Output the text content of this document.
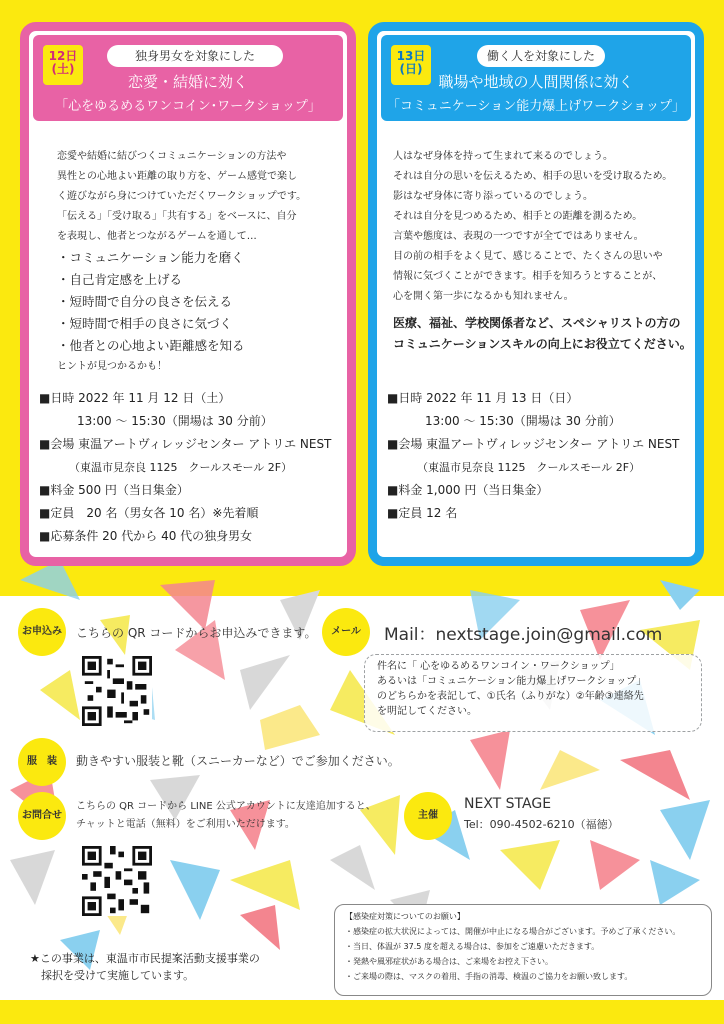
12日
(土)
独身男女を対象にした
恋愛・結婚に効く
「心をゆるめるワンコイン･ワークショップ」
恋愛や結婚に結びつくコミュニケーションの方法や
異性との心地よい距離の取り方を、ゲーム感覚で楽し
く遊びながら身につけていただくワークショップです。
「伝える」「受け取る」「共有する」をベースに、自分
を表現し、他者とつながるゲームを通して…
・コミュニケーション能力を磨く
・自己肯定感を上げる
・短時間で自分の良さを伝える
・短時間で相手の良さに気づく
・他者との心地よい距離感を知る
ヒントが見つかるかも！
■日時 2022 年 11 月 12 日（土）
13:00 〜 15:30（開場は 30 分前）
■会場 東温アートヴィレッジセンター アトリエ NEST
（東温市見奈良 1125　クールスモール 2F）
■料金 500 円（当日集金）
■定員　 20 名（男女各 10 名）※先着順
■応募条件 20 代から 40 代の独身男女
13日
(日)
働く人を対象にした
職場や地域の人間関係に効く
「コミュニケーション能力爆上げワークショップ」
人はなぜ身体を持って生まれて来るのでしょう。
それは自分の思いを伝えるため、相手の思いを受け取るため。
影はなぜ身体に寄り添っているのでしょう。
それは自分を見つめるため、相手との距離を測るため。
言葉や態度は、表現の一つですが全てではありません。
目の前の相手をよく見て、感じることで、たくさんの思いや
情報に気づくことができます。相手を知ろうとすることが、
心を開く第一歩になるかも知れません。
医療、福祉、学校関係者など、スペシャリストの方の
コミュニケーションスキルの向上にお役立てください。
■日時 2022 年 11 月 13 日（日）
13:00 〜 15:30（開場は 30 分前）
■会場 東温アートヴィレッジセンター アトリエ NEST
（東温市見奈良 1125　クールスモール 2F）
■料金 1,000 円（当日集金）
■定員 12 名
お申込み	こちらの QR コードからお申込みできます。	メール	Mail：nextstage.join@gmail.com
件名に「 心をゆるめるワンコイン・ワークショップ」
あるいは「コミュニケーション能力爆上げワークショップ」
のどちらかを表記して、①氏名（ふりがな）②年齢③連絡先
を明記してください。
服　装	動きやすい服装と靴（スニーカーなど）でご参加ください。
お問合せ
こちらの QR コードから LINE 公式アカウントに友達追加すると、
チャットと電話（無料）をご利用いただけます。
主催
NEXT STAGE
Tel：090-4502-6210（福徳）
【感染症対策についてのお願い】
・感染症の拡大状況によっては、開催が中止になる場合がございます。予めご了承ください。
・当日、体温が 37.5 度を超える場合は、参加をご遠慮いただきます。
・発熱や風邪症状がある場合は、ご来場をお控え下さい。
・ご来場の際は、マスクの着用、手指の消毒、検温のご協力をお願い致します。
★この事業は、東温市市民提案活動支援事業の
　採択を受けて実施しています。
